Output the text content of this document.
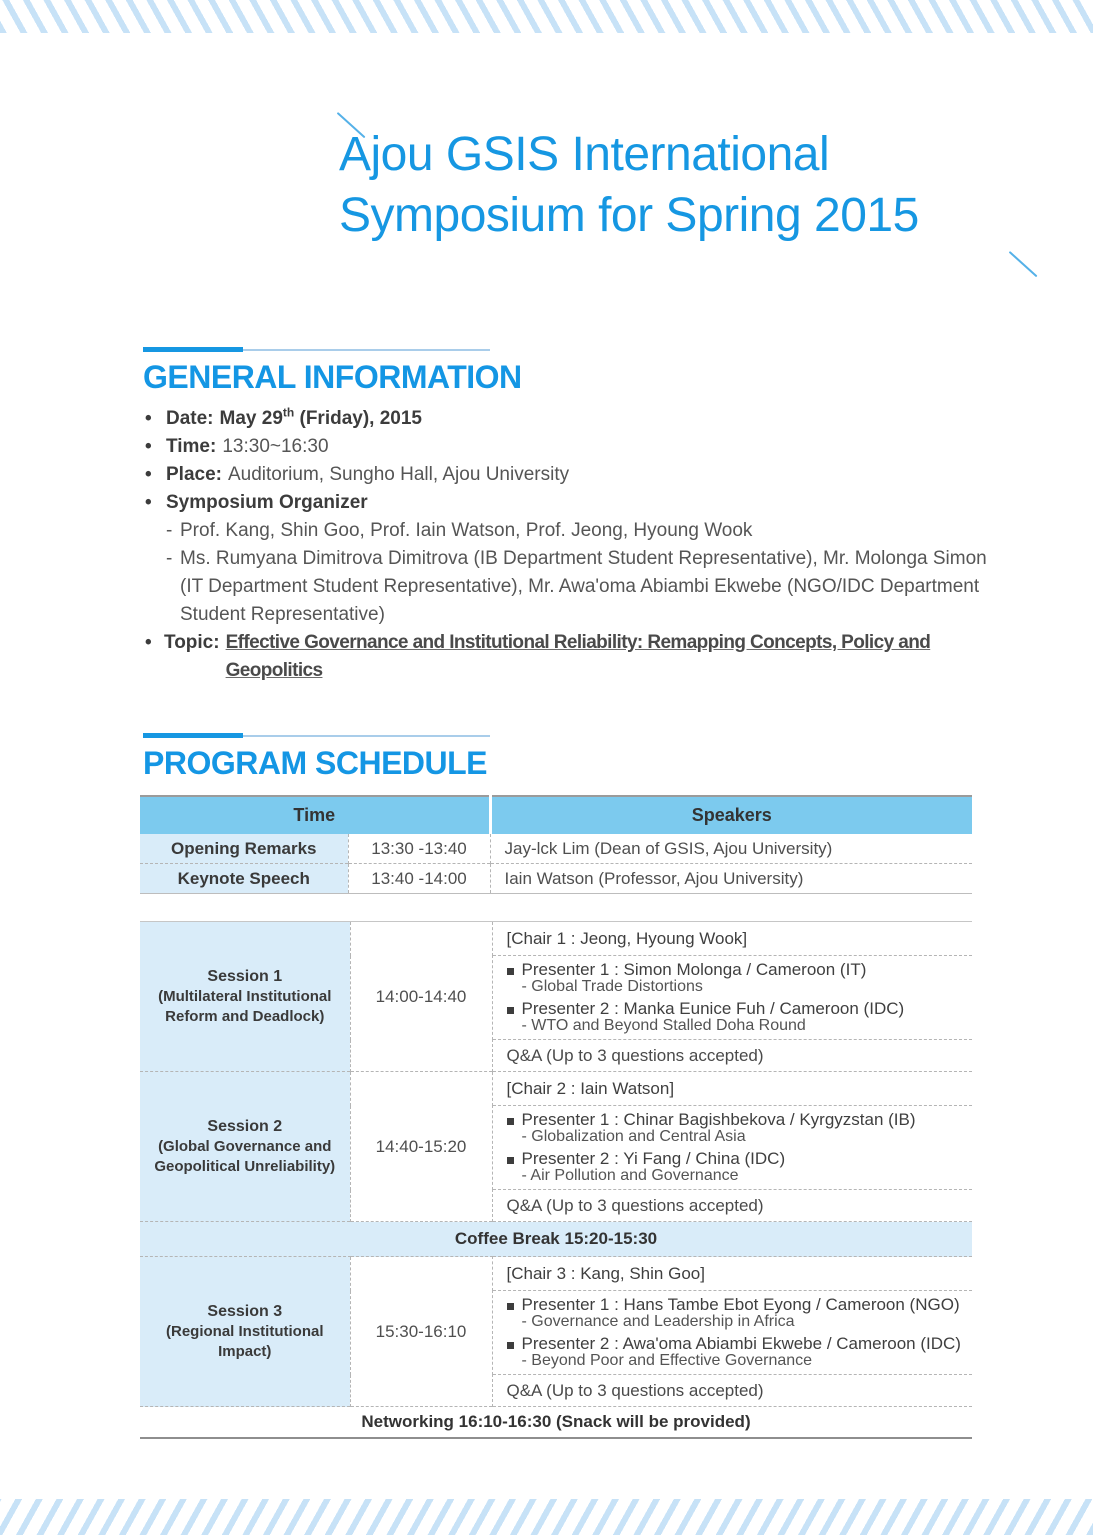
Ajou GSIS International
Symposium for Spring 2015
GENERAL INFORMATION
• Date: May 29th (Friday), 2015
• Time: 13:30~16:30
• Place: Auditorium, Sungho Hall, Ajou University
• Symposium Organizer
- Prof. Kang, Shin Goo, Prof. Iain Watson, Prof. Jeong, Hyoung Wook
- Ms. Rumyana Dimitrova Dimitrova (IB Department Student Representative), Mr. Molonga Simon (IT Department Student Representative), Mr. Awa'oma Abiambi Ekwebe (NGO/IDC Department Student Representative)
• Topic: Effective Governance and Institutional Reliability: Remapping Concepts, Policy and Geopolitics
PROGRAM SCHEDULE
Time		Speakers
Opening Remarks	13:30 -13:40	Jay-lck Lim (Dean of GSIS, Ajou University)
Keynote Speech	13:40 -14:00	Iain Watson (Professor, Ajou University)
Session 1
(Multilateral Institutional Reform and Deadlock)	14:00-14:40	[Chair 1 : Jeong, Hyoung Wook]

		Presenter 1 : Simon Molonga / Cameroon (IT)
- Global Trade Distortions
Presenter 2 : Manka Eunice Fuh / Cameroon (IDC)
- WTO and Beyond Stalled Doha Round

		Q&A (Up to 3 questions accepted)

Session 2
(Global Governance and Geopolitical Unreliability)	14:40-15:20	[Chair 2 : Iain Watson]

		Presenter 1 : Chinar Bagishbekova / Kyrgyzstan (IB)
- Globalization and Central Asia
Presenter 2 : Yi Fang / China (IDC)
- Air Pollution and Governance

		Q&A (Up to 3 questions accepted)
Coffee Break 15:20-15:30		

Session 3
(Regional Institutional Impact)	15:30-16:10	[Chair 3 : Kang, Shin Goo]

		Presenter 1 : Hans Tambe Ebot Eyong / Cameroon (NGO)
- Governance and Leadership in Africa
Presenter 2 : Awa'oma Abiambi Ekwebe / Cameroon (IDC)
- Beyond Poor and Effective Governance

		Q&A (Up to 3 questions accepted)
Networking 16:10-16:30 (Snack will be provided)		
